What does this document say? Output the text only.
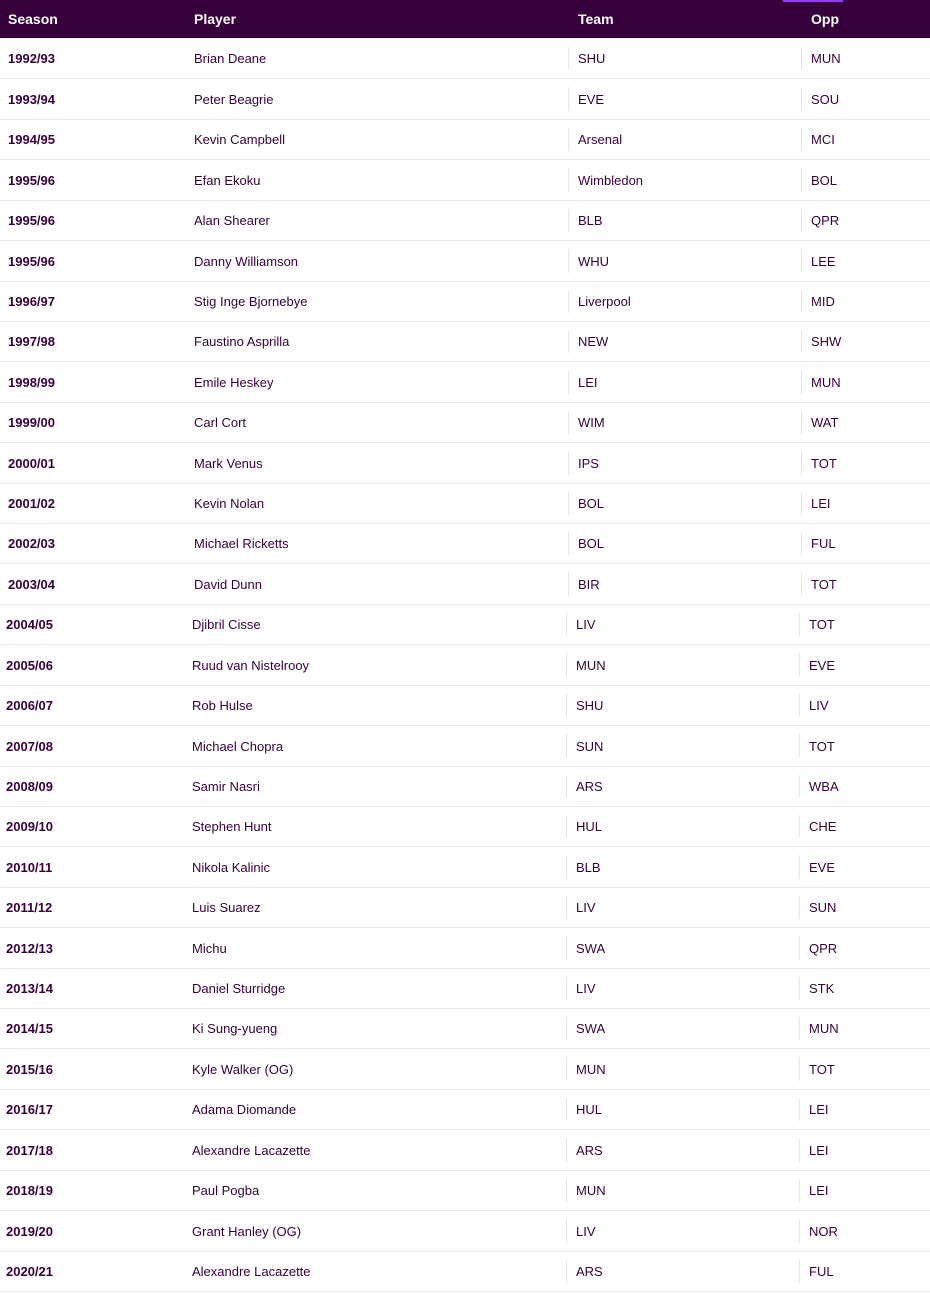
Season	Player	Team	Opp
1992/93	Brian Deane	SHU	MUN
1993/94	Peter Beagrie	EVE	SOU
1994/95	Kevin Campbell	Arsenal	MCI
1995/96	Efan Ekoku	Wimbledon	BOL
1995/96	Alan Shearer	BLB	QPR
1995/96	Danny Williamson	WHU	LEE
1996/97	Stig Inge Bjornebye	Liverpool	MID
1997/98	Faustino Asprilla	NEW	SHW
1998/99	Emile Heskey	LEI	MUN
1999/00	Carl Cort	WIM	WAT
2000/01	Mark Venus	IPS	TOT
2001/02	Kevin Nolan	BOL	LEI
2002/03	Michael Ricketts	BOL	FUL
2003/04	David Dunn	BIR	TOT
2004/05	Djibril Cisse	LIV	TOT
2005/06	Ruud van Nistelrooy	MUN	EVE
2006/07	Rob Hulse	SHU	LIV
2007/08	Michael Chopra	SUN	TOT
2008/09	Samir Nasri	ARS	WBA
2009/10	Stephen Hunt	HUL	CHE
2010/11	Nikola Kalinic	BLB	EVE
2011/12	Luis Suarez	LIV	SUN
2012/13	Michu	SWA	QPR
2013/14	Daniel Sturridge	LIV	STK
2014/15	Ki Sung-yueng	SWA	MUN
2015/16	Kyle Walker (OG)	MUN	TOT
2016/17	Adama Diomande	HUL	LEI
2017/18	Alexandre Lacazette	ARS	LEI
2018/19	Paul Pogba	MUN	LEI
2019/20	Grant Hanley (OG)	LIV	NOR
2020/21	Alexandre Lacazette	ARS	FUL
